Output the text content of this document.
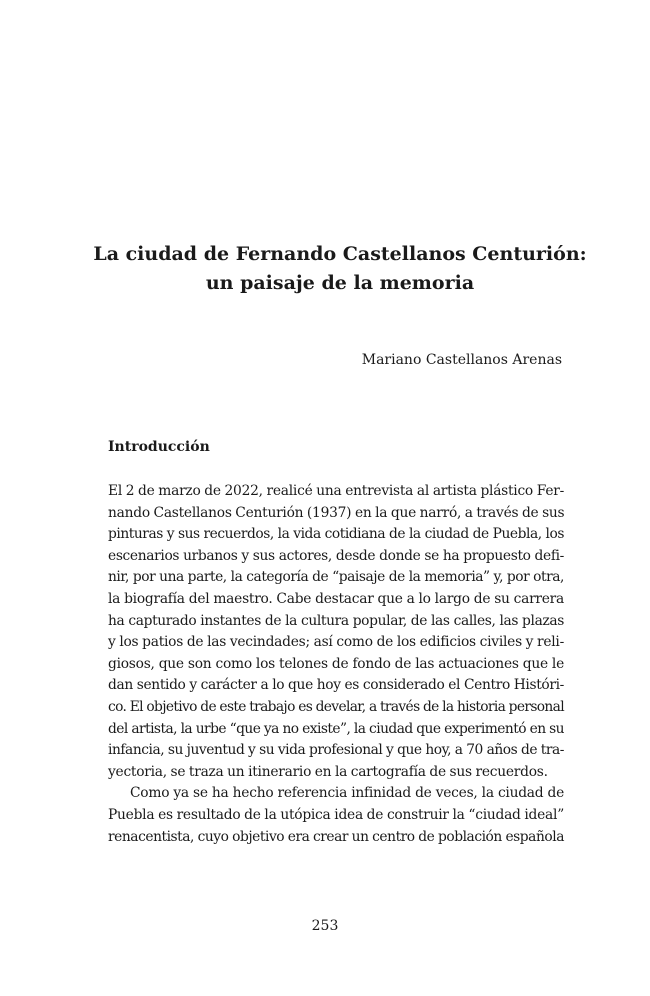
La ciudad de Fernando Castellanos Centurión:
un paisaje de la memoria

Mariano Castellanos Arenas

Introducción
El 2 de marzo de 2022, realicé una entrevista al artista plástico Fer-
nando Castellanos Centurión (1937) en la que narró, a través de sus
pinturas y sus recuerdos, la vida cotidiana de la ciudad de Puebla, los
escenarios urbanos y sus actores, desde donde se ha propuesto defi-
nir, por una parte, la categoría de “paisaje de la memoria” y, por otra,
la biografía del maestro. Cabe destacar que a lo largo de su carrera
ha capturado instantes de la cultura popular, de las calles, las plazas
y los patios de las vecindades; así como de los edificios civiles y reli-
giosos, que son como los telones de fondo de las actuaciones que le
dan sentido y carácter a lo que hoy es considerado el Centro Históri-
co. El objetivo de este trabajo es develar, a través de la historia personal
del artista, la urbe “que ya no existe”, la ciudad que experimentó en su
infancia, su juventud y su vida profesional y que hoy, a 70 años de tra-
yectoria, se traza un itinerario en la cartografía de sus recuerdos.
Como ya se ha hecho referencia infinidad de veces, la ciudad de
Puebla es resultado de la utópica idea de construir la “ciudad ideal”
renacentista, cuyo objetivo era crear un centro de población española

253
